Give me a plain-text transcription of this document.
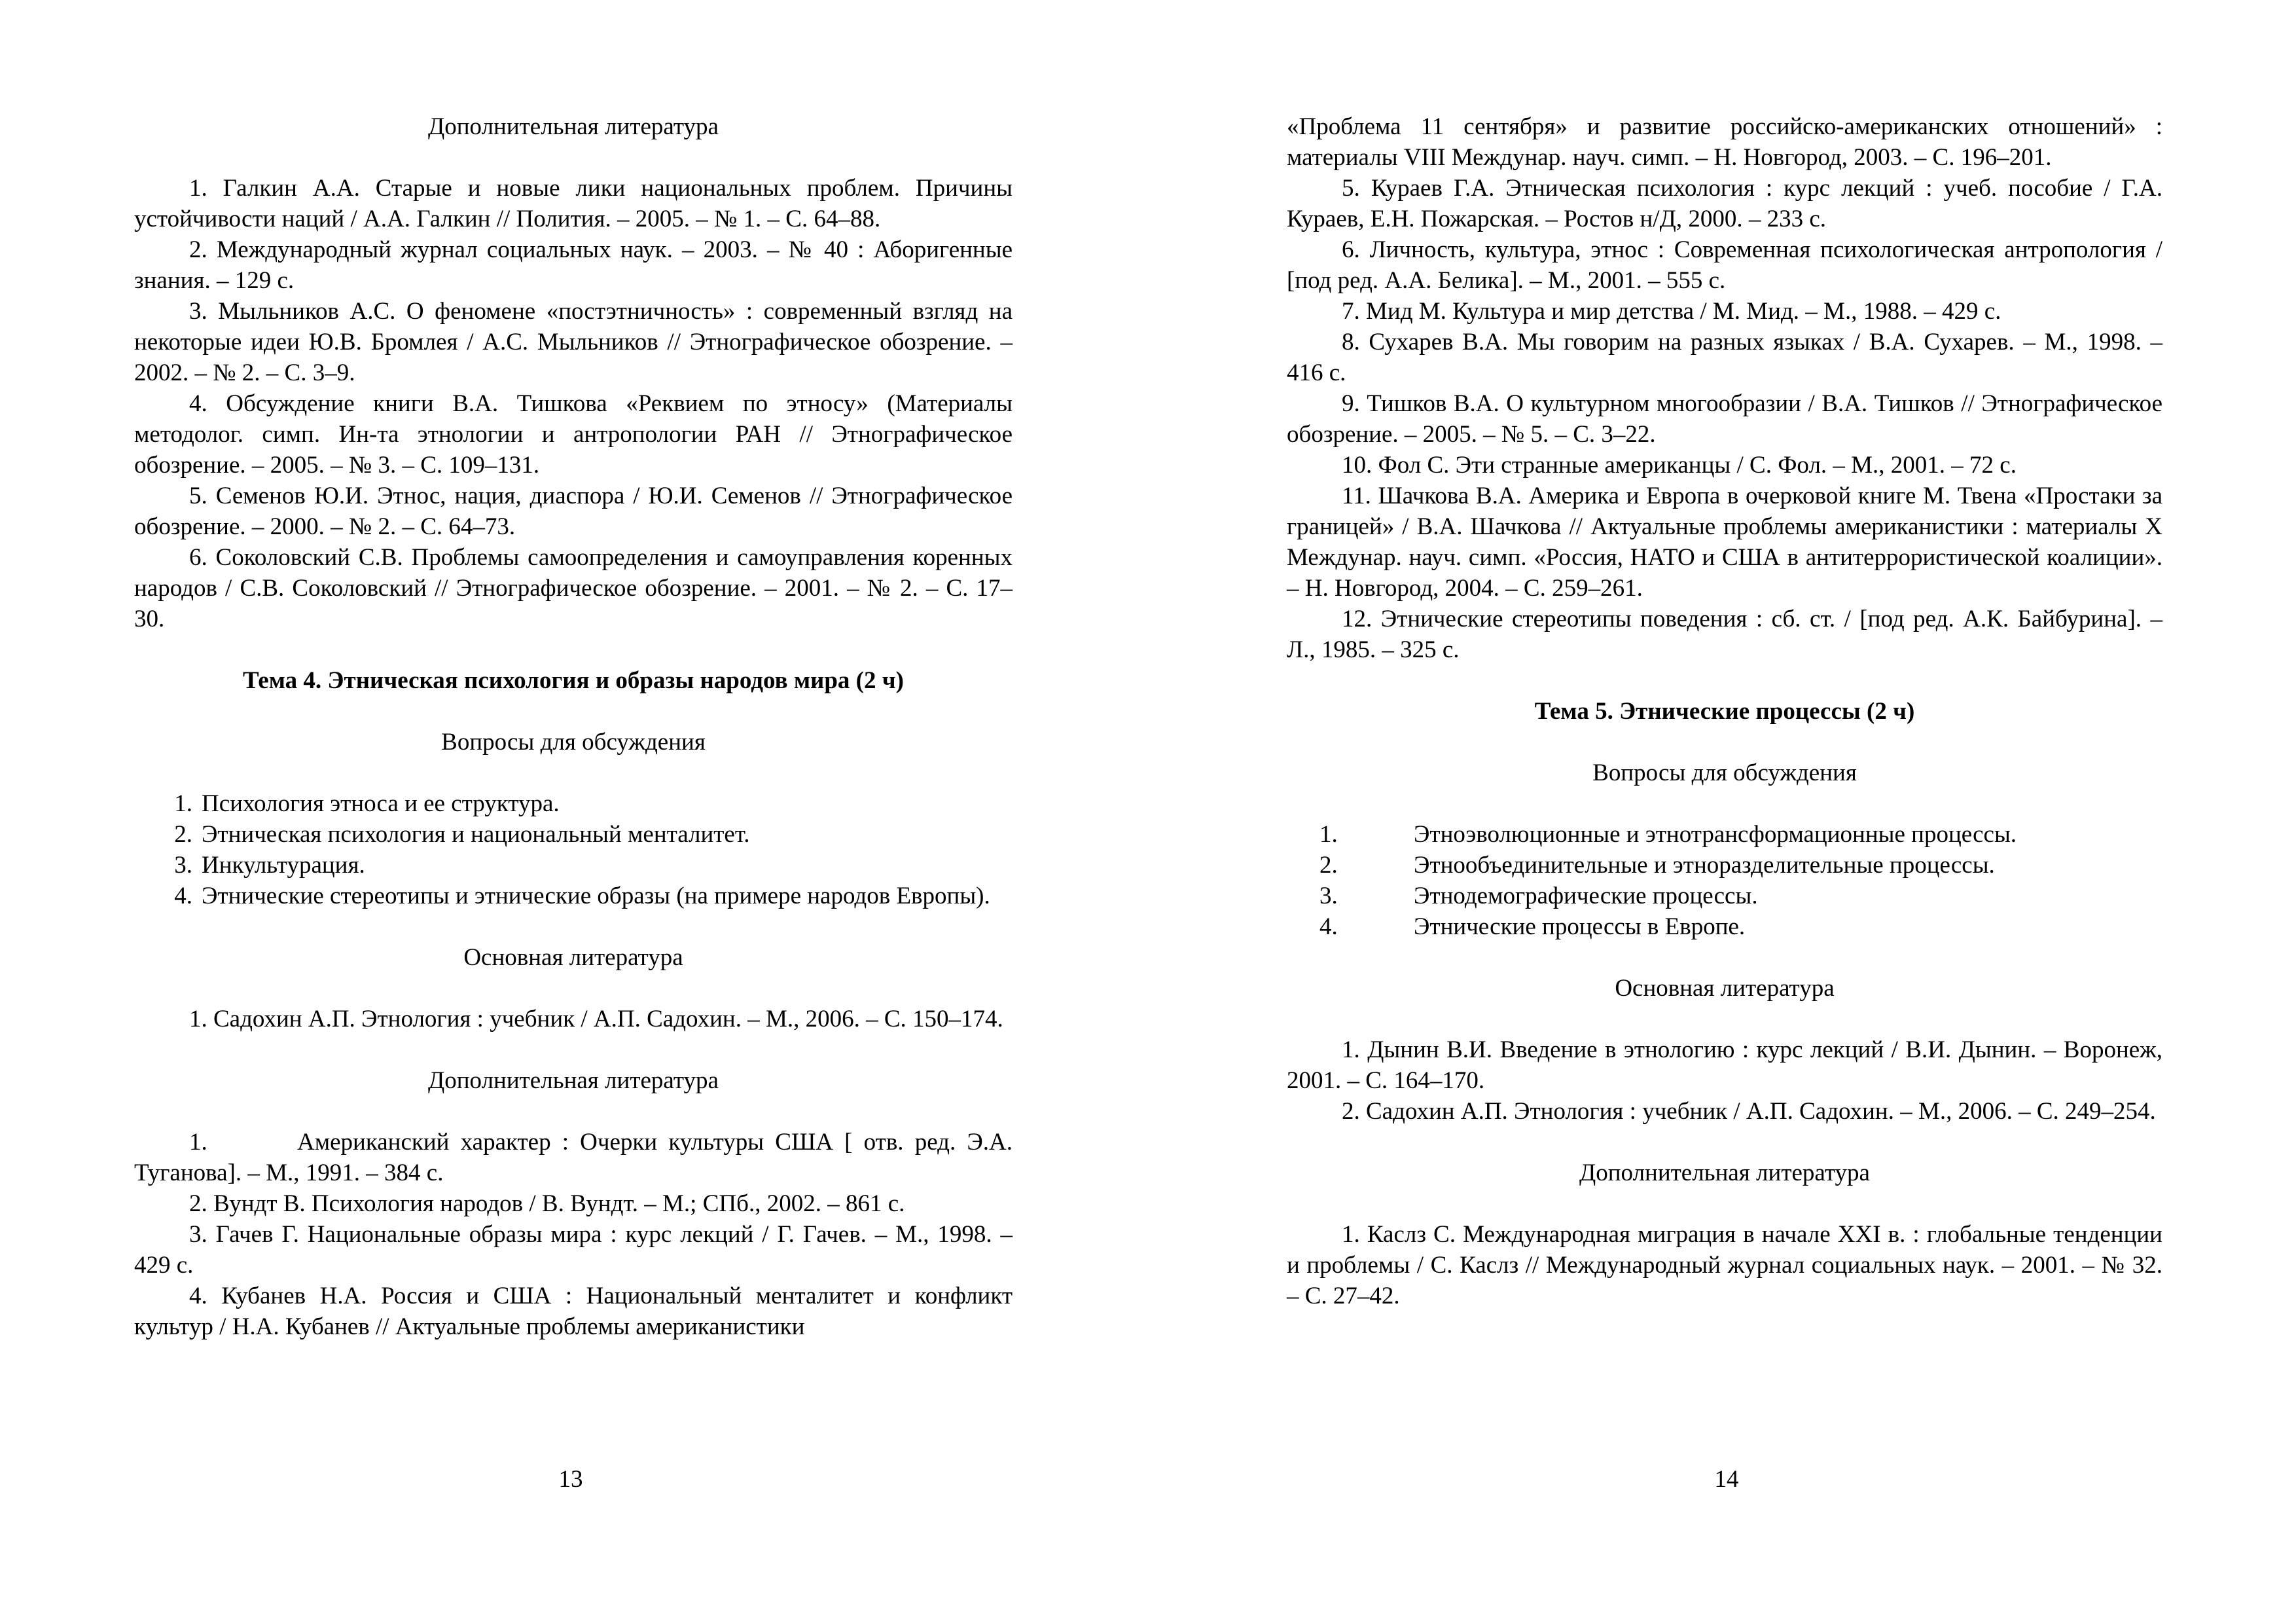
Дополнительная литература

1. Галкин А.А. Старые и новые лики национальных проблем. Причины устойчивости наций / А.А. Галкин // Полития. – 2005. – № 1. – С. 64–88.

2. Международный журнал социальных наук. – 2003. – № 40 : Аборигенные знания. – 129 с.

3. Мыльников А.С. О феномене «постэтничность» : современный взгляд на некоторые идеи Ю.В. Бромлея / А.С. Мыльников // Этнографическое обозрение. – 2002. – № 2. – С. 3–9.

4. Обсуждение книги В.А. Тишкова «Реквием по этносу» (Материалы методолог. симп. Ин-та этнологии и антропологии РАН // Этнографическое обозрение. – 2005. – № 3. – С. 109–131.

5. Семенов Ю.И. Этнос, нация, диаспора / Ю.И. Семенов // Этнографическое обозрение. – 2000. – № 2. – С. 64–73.

6. Соколовский С.В. Проблемы самоопределения и самоуправления коренных народов / С.В. Соколовский // Этнографическое обозрение. – 2001. – № 2. – С. 17–30.

Тема 4. Этническая психология и образы народов мира (2 ч)
Вопросы для обсуждения
1. Психология этноса и ее структура.
2. Этническая психология и национальный менталитет.
3. Инкультурация.
4. Этнические стереотипы и этнические образы (на примере народов Европы).
Основная литература

1. Садохин А.П. Этнология : учебник / А.П. Садохин. – М., 2006. – С. 150–174.

Дополнительная литература

1.        Американский характер : Очерки культуры США [ отв. ред. Э.А. Туганова]. – М., 1991. – 384 с.

2. Вундт В. Психология народов / В. Вундт. – М.; СПб., 2002. – 861 с.

3. Гачев Г. Национальные образы мира : курс лекций / Г. Гачев. – М., 1998. – 429 с.

4. Кубанев Н.А. Россия и США : Национальный менталитет и конфликт культур / Н.А. Кубанев // Актуальные проблемы американистики

13

«Проблема 11 сентября» и развитие российско-американских отношений» : материалы VIII Междунар. науч. симп. – Н. Новгород, 2003. – С. 196–201.

5. Кураев Г.А. Этническая психология : курс лекций : учеб. пособие / Г.А. Кураев, Е.Н. Пожарская. – Ростов н/Д, 2000. – 233 с.

6. Личность, культура, этнос : Современная психологическая антропология / [под ред. А.А. Белика]. – М., 2001. – 555 с.

7. Мид М. Культура и мир детства / М. Мид. – М., 1988. – 429 с.

8. Сухарев В.А. Мы говорим на разных языках / В.А. Сухарев. – М., 1998. – 416 с.

9. Тишков В.А. О культурном многообразии / В.А. Тишков // Этнографическое обозрение. – 2005. – № 5. – С. 3–22.

10. Фол С. Эти странные американцы / С. Фол. – М., 2001. – 72 с.

11. Шачкова В.А. Америка и Европа в очерковой книге М. Твена «Простаки за границей» / В.А. Шачкова // Актуальные проблемы американистики : материалы X Междунар. науч. симп. «Россия, НАТО и США в антитеррористической коалиции». – Н. Новгород, 2004. – С. 259–261.

12. Этнические стереотипы поведения : сб. ст. / [под ред. А.К. Байбурина]. – Л., 1985. – 325 с.

Тема 5. Этнические процессы (2 ч)
Вопросы для обсуждения
1.	Этноэволюционные и этнотрансформационные процессы.
2.	Этнообъединительные и этноразделительные процессы.
3.	Этнодемографические процессы.
4.	Этнические процессы в Европе.
Основная литература

1. Дынин В.И. Введение в этнологию : курс лекций / В.И. Дынин. – Воронеж, 2001. – С. 164–170.

2. Садохин А.П. Этнология : учебник / А.П. Садохин. – М., 2006. – С. 249–254.

Дополнительная литература

1. Каслз С. Международная миграция в начале XXI в. : глобальные тенденции и проблемы / С. Каслз // Международный журнал социальных наук. – 2001. – № 32. – С. 27–42.

14
